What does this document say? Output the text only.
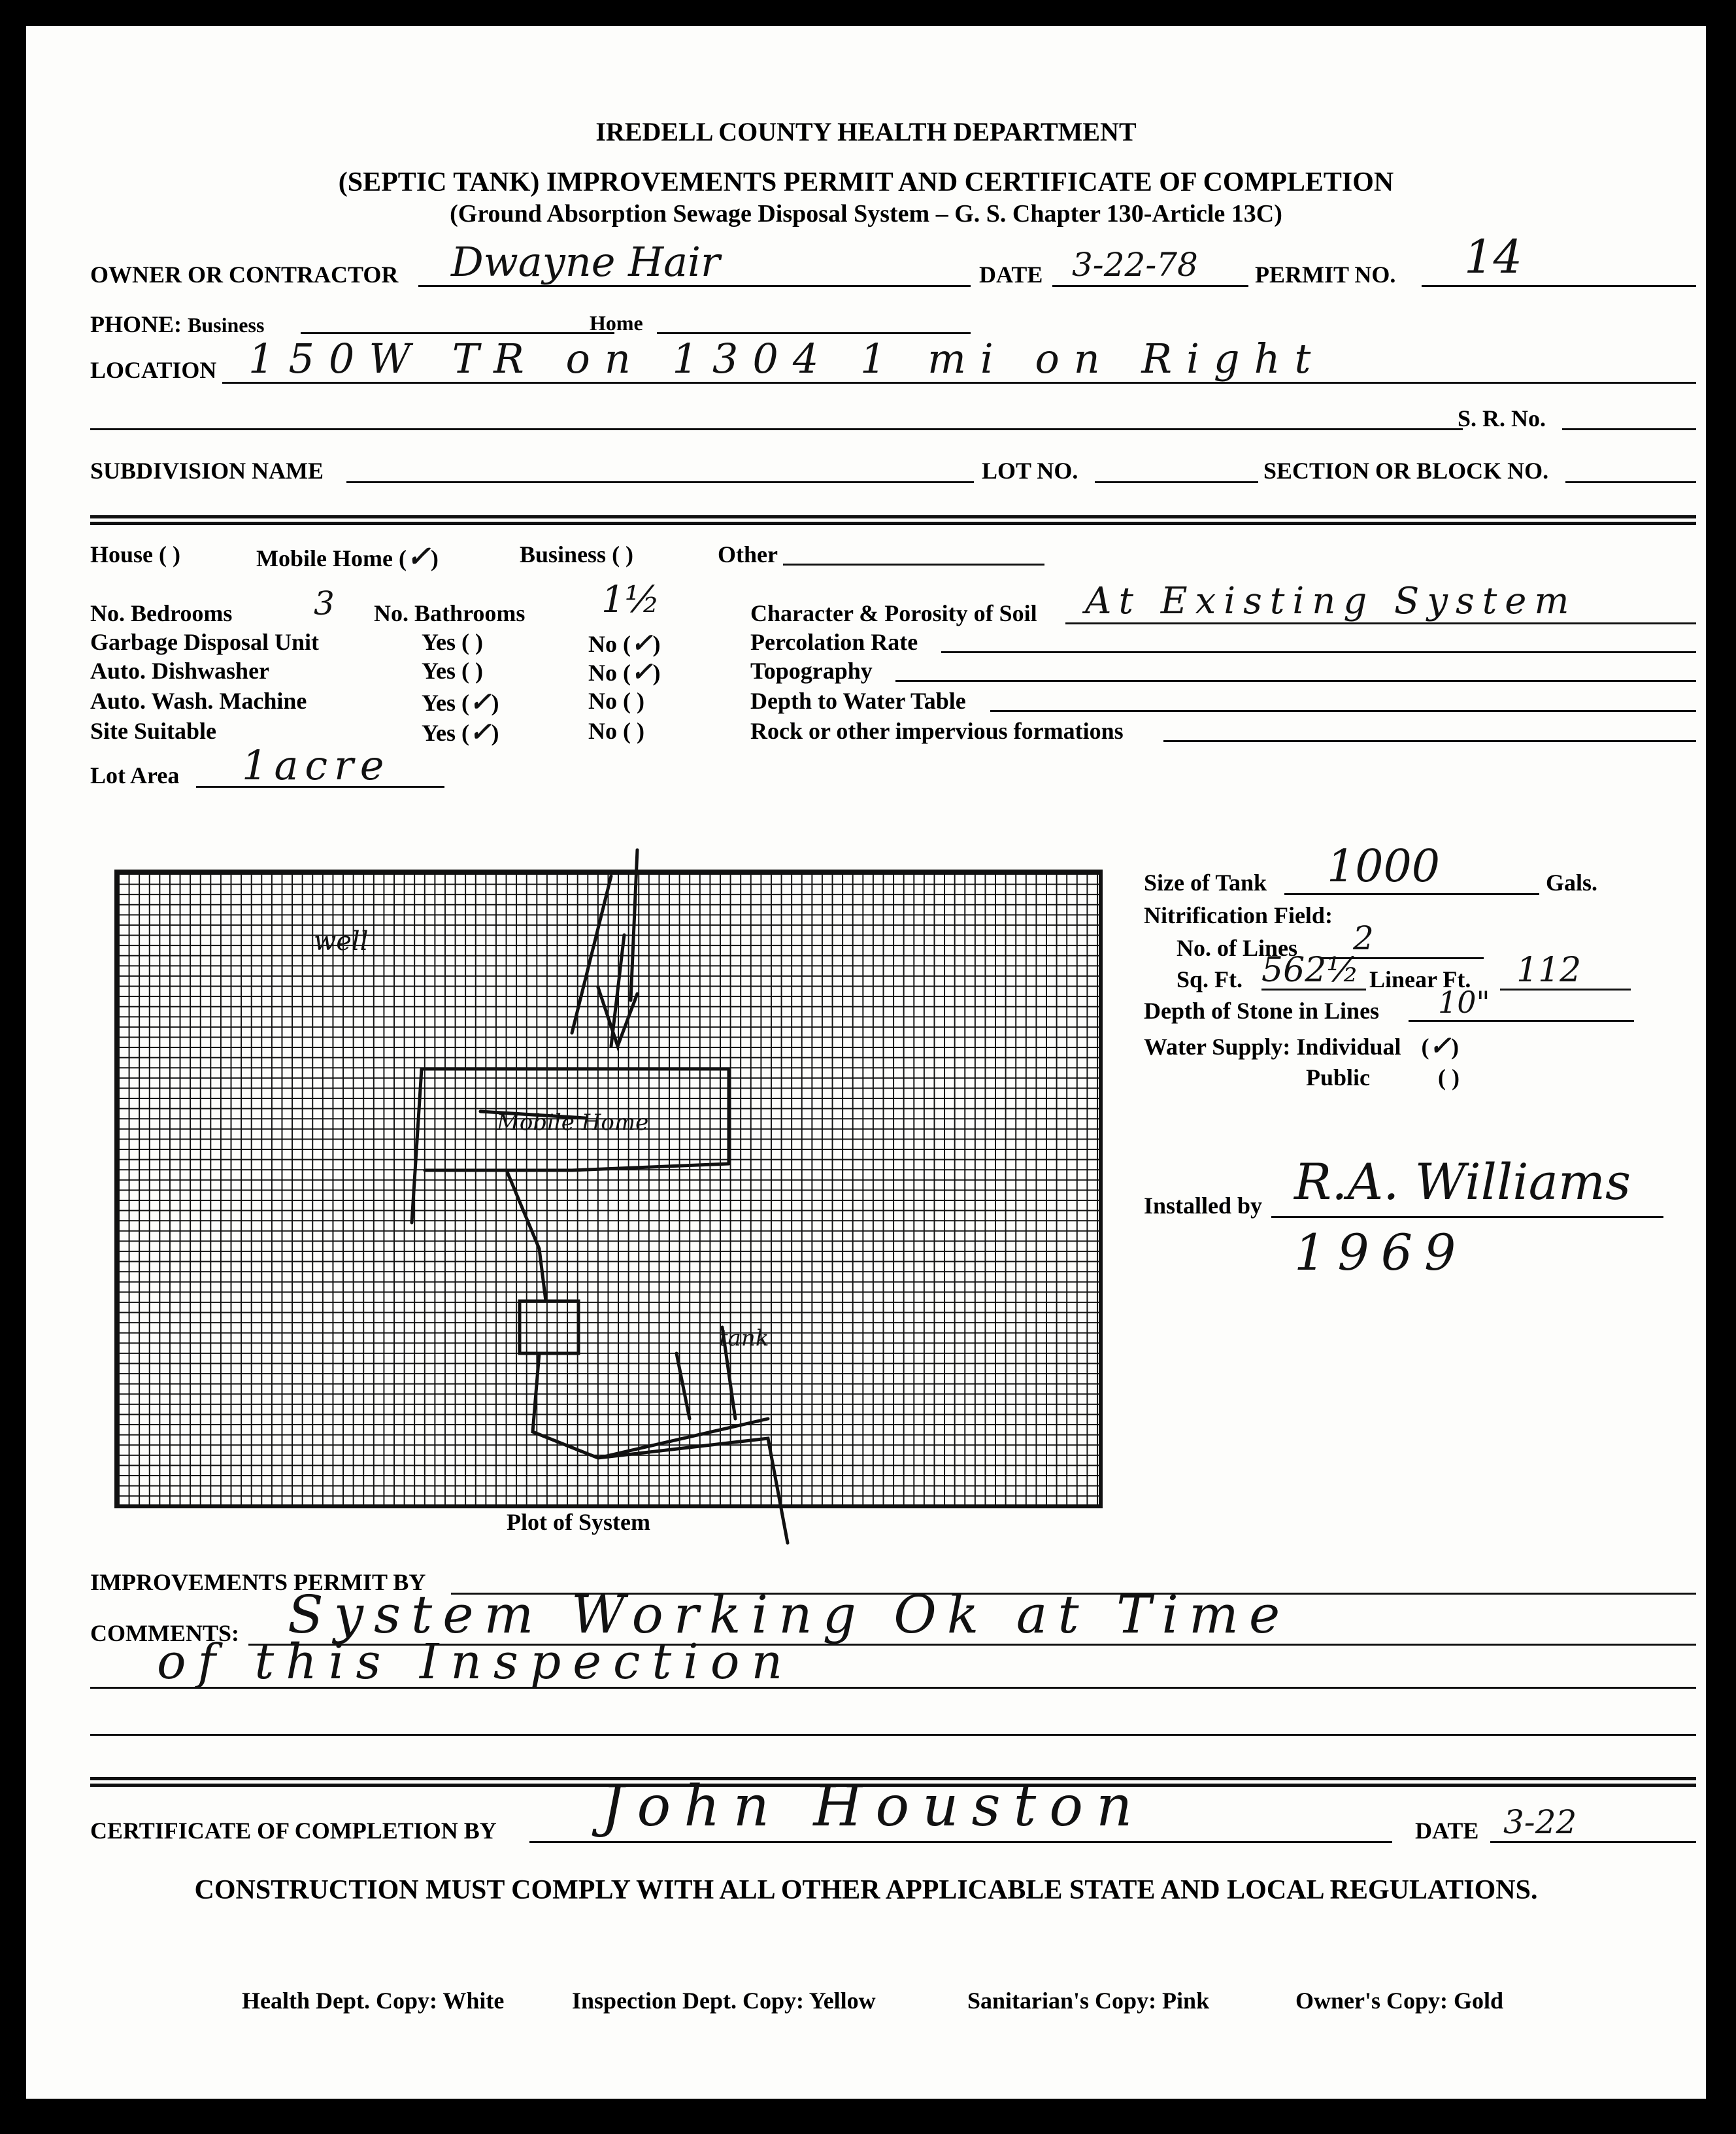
IREDELL COUNTY HEALTH DEPARTMENT
(SEPTIC TANK) IMPROVEMENTS PERMIT AND CERTIFICATE OF COMPLETION
(Ground Absorption Sewage Disposal System – G. S. Chapter 130-Article 13C)
OWNER OR CONTRACTOR Dwayne Hair	DATE 3-22-78 PERMIT NO. 14
PHONE: Business	Home
LOCATION 150W TR on 1304 1 mi on Right
S. R. No.
SUBDIVISION NAME	LOT NO.	SECTION OR BLOCK NO.
House ( )	Mobile Home (✓)	Business ( )	Other
No. Bedrooms 3 No. Bathrooms 1½
Garbage Disposal Unit	Yes ( )	No (✓)
Auto. Dishwasher	Yes ( )	No (✓)
Auto. Wash. Machine	Yes (✓)	No ( )
Site Suitable	Yes (✓)	No ( )
Lot Area 1acre
Character & Porosity of Soil At Existing System
Percolation Rate
Topography
Depth to Water Table
Rock or other impervious formations
well
Mobile Home
tank
Plot of System
Size of Tank 1000	Gals.
Nitrification Field:
No. of Lines 2
Sq. Ft. 562½ Linear Ft. 112
Depth of Stone in Lines 10"
Water Supply: Individual (✓)
Public	( )
Installed by R.A. Williams
1969
IMPROVEMENTS PERMIT BY
COMMENTS: System Working Ok at Time
of this Inspection
CERTIFICATE OF COMPLETION BY John Houston	DATE 3-22
CONSTRUCTION MUST COMPLY WITH ALL OTHER APPLICABLE STATE AND LOCAL REGULATIONS.
Health Dept. Copy: White	Inspection Dept. Copy: Yellow	Sanitarian's Copy: Pink	Owner's Copy: Gold
